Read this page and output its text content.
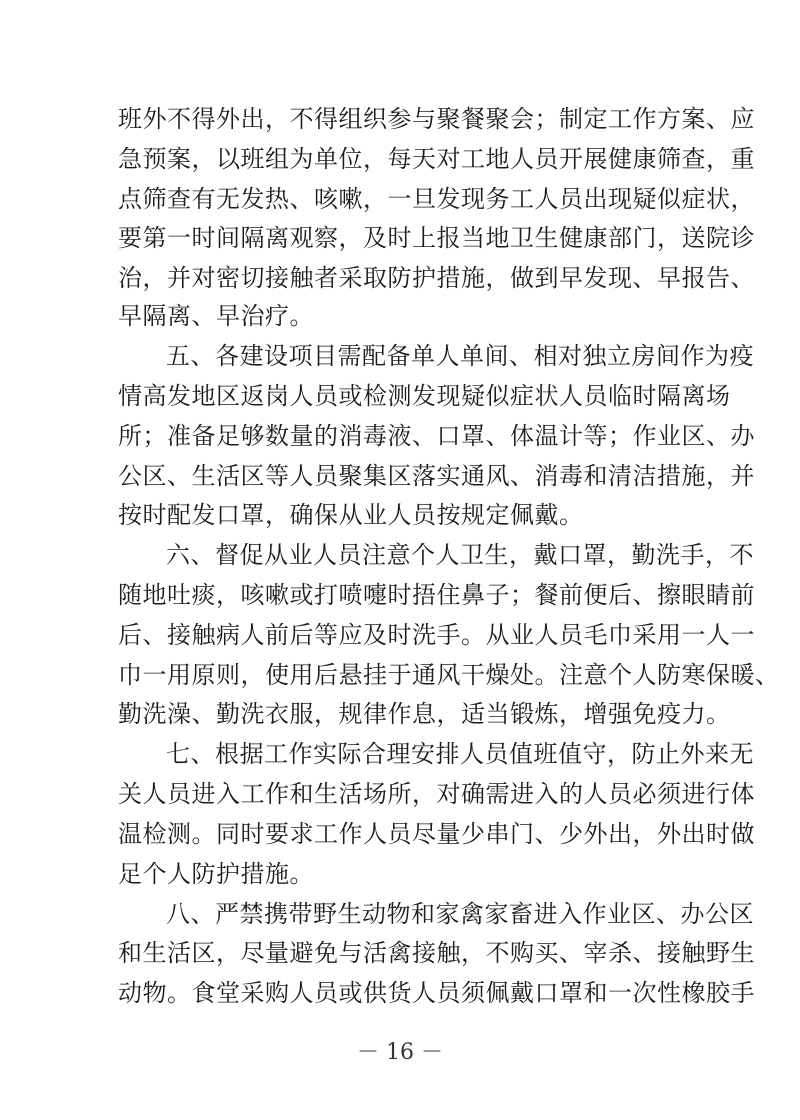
班外不得外出，不得组织参与聚餐聚会；制定工作方案、应
急预案，以班组为单位，每天对工地人员开展健康筛查，重
点筛查有无发热、咳嗽，一旦发现务工人员出现疑似症状，
要第一时间隔离观察，及时上报当地卫生健康部门，送院诊
治，并对密切接触者采取防护措施，做到早发现、早报告、
早隔离、早治疗。
五、各建设项目需配备单人单间、相对独立房间作为疫
情高发地区返岗人员或检测发现疑似症状人员临时隔离场
所；准备足够数量的消毒液、口罩、体温计等；作业区、办
公区、生活区等人员聚集区落实通风、消毒和清洁措施，并
按时配发口罩，确保从业人员按规定佩戴。
六、督促从业人员注意个人卫生，戴口罩，勤洗手，不
随地吐痰，咳嗽或打喷嚏时捂住鼻子；餐前便后、擦眼睛前
后、接触病人前后等应及时洗手。从业人员毛巾采用一人一
巾一用原则，使用后悬挂于通风干燥处。注意个人防寒保暖、
勤洗澡、勤洗衣服，规律作息，适当锻炼，增强免疫力。
七、根据工作实际合理安排人员值班值守，防止外来无
关人员进入工作和生活场所，对确需进入的人员必须进行体
温检测。同时要求工作人员尽量少串门、少外出，外出时做
足个人防护措施。
八、严禁携带野生动物和家禽家畜进入作业区、办公区
和生活区，尽量避免与活禽接触，不购买、宰杀、接触野生
动物。食堂采购人员或供货人员须佩戴口罩和一次性橡胶手
－ 16 －
